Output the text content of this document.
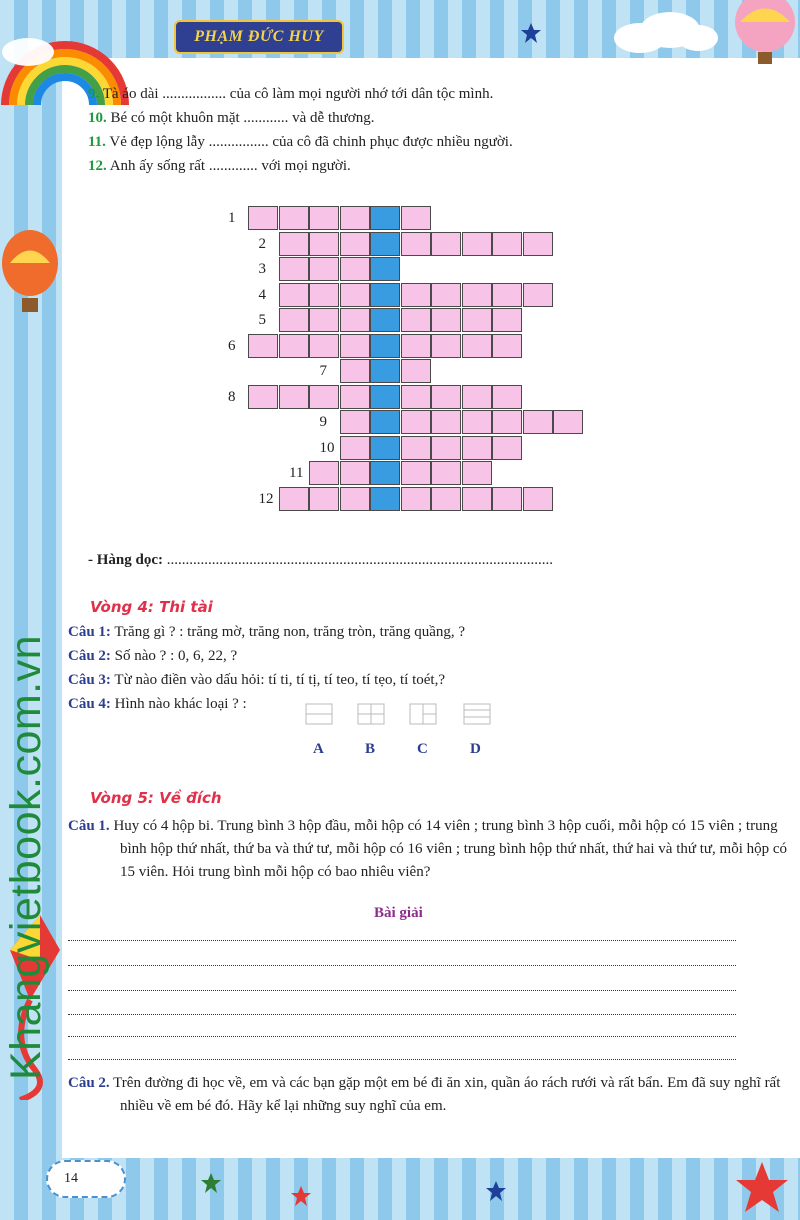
PHẠM ĐỨC HUY
Khangvietbook.com.vn
9. Tà áo dài ................. của cô làm mọi người nhớ tới dân tộc mình.
10. Bé có một khuôn mặt ............ và dễ thương.
11. Vẻ đẹp lộng lẫy ................ của cô đã chinh phục được nhiều người.
12. Anh ấy sống rất ............. với mọi người.
1
2
3
4
5
6
7
8
9
10
11
12
- Hàng dọc: .......................................................................................................
Vòng 4: Thi tài
Câu 1: Trăng gì ? : trăng mờ, trăng non, trăng tròn, trăng quầng, ?
Câu 2: Số nào ? : 0, 6, 22, ?
Câu 3: Từ nào điền vào dấu hỏi: tí ti, tí tị, tí teo, tí tẹo, tí toét,?
Câu 4: Hình nào khác loại ? :
A	B	C	D
Vòng 5: Về đích
Câu 1. Huy có 4 hộp bi. Trung bình 3 hộp đầu, mỗi hộp có 14 viên ; trung bình 3 hộp cuối, mỗi hộp có 15 viên ; trung bình hộp thứ nhất, thứ ba và thứ tư, mỗi hộp có 16 viên ; trung bình hộp thứ nhất, thứ hai và thứ tư, mỗi hộp có 15 viên. Hỏi trung bình mỗi hộp có bao nhiêu viên?
Bài giải
Câu 2. Trên đường đi học về, em và các bạn gặp một em bé đi ăn xin, quần áo rách rưới và rất bẩn. Em đã suy nghĩ rất nhiều về em bé đó. Hãy kể lại những suy nghĩ của em.
14
